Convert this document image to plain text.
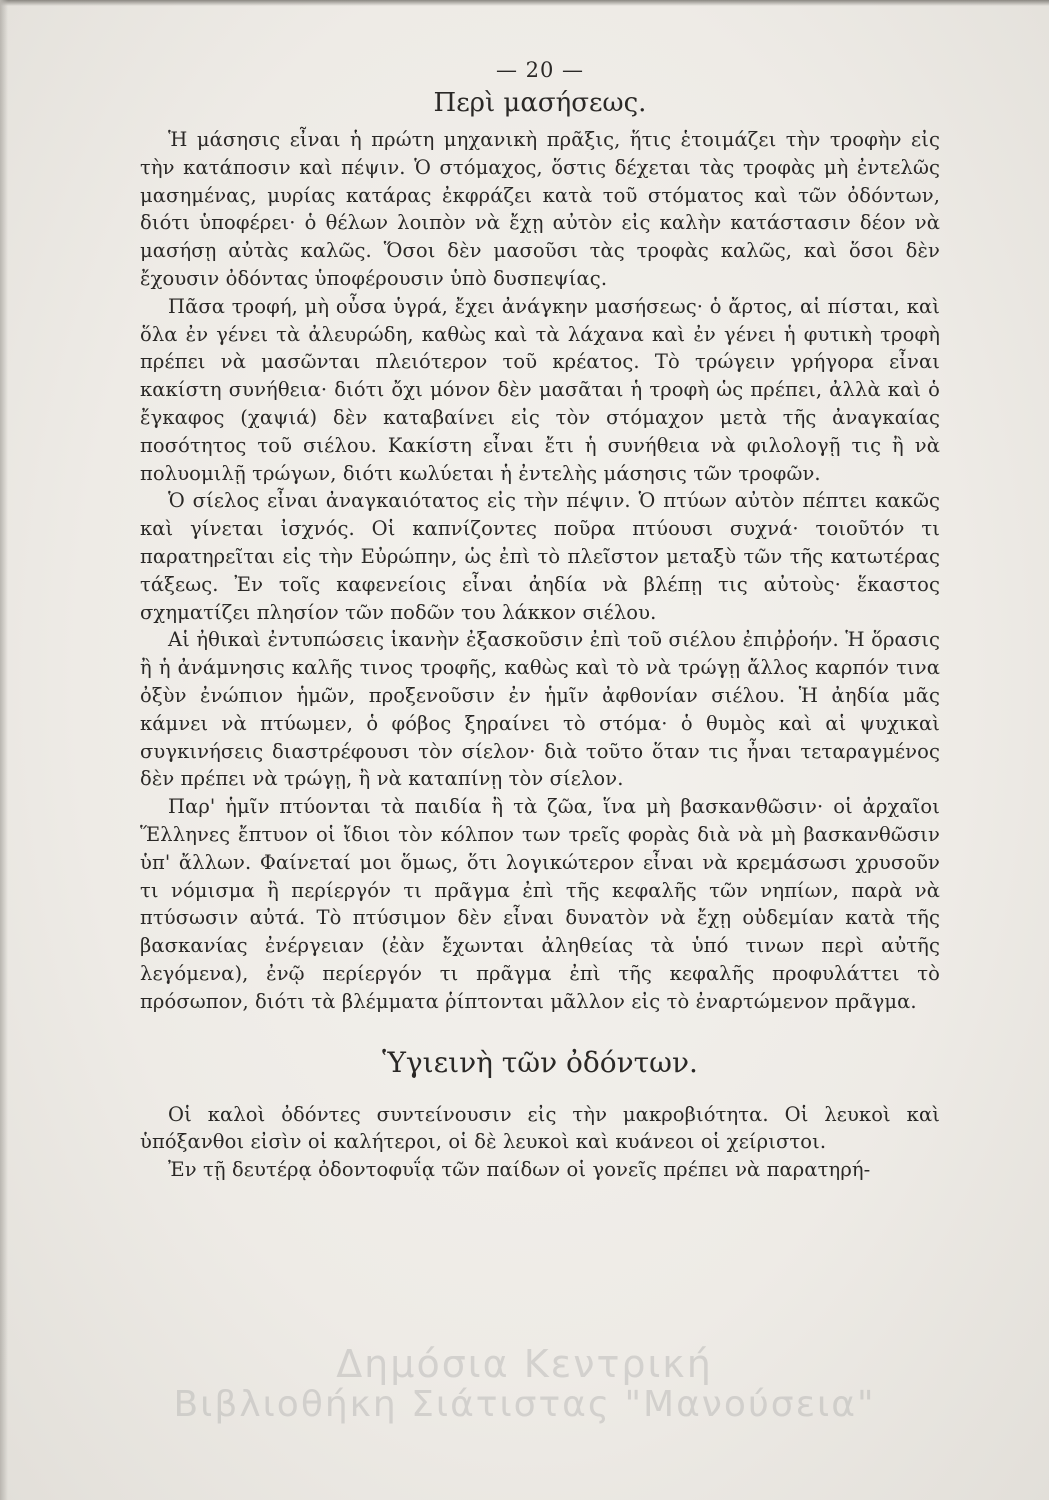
— 20 —
Περὶ μασήσεως.

Ἡ μάσησις εἶναι ἡ πρώτη μηχανικὴ πρᾶξις, ἥτις ἑτοιμάζει τὴν τροφὴν εἰς τὴν κατάποσιν καὶ πέψιν. Ὁ στόμαχος, ὅστις δέχεται τὰς τροφὰς μὴ ἐντελῶς μασημένας, μυρίας κατάρας ἐκφράζει κατὰ τοῦ στόματος καὶ τῶν ὀδόντων, διότι ὑποφέρει· ὁ θέλων λοιπὸν νὰ ἔχῃ αὐτὸν εἰς καλὴν κατάστασιν δέον νὰ μασήσῃ αὐτὰς καλῶς. Ὅσοι δὲν μασοῦσι τὰς τροφὰς καλῶς, καὶ ὅσοι δὲν ἔχουσιν ὀδόντας ὑποφέρουσιν ὑπὸ δυσπεψίας.

Πᾶσα τροφή, μὴ οὖσα ὑγρά, ἔχει ἀνάγκην μασήσεως· ὁ ἄρτος, αἱ πίσται, καὶ ὅλα ἐν γένει τὰ ἀλευρώδη, καθὼς καὶ τὰ λάχανα καὶ ἐν γένει ἡ φυτικὴ τροφὴ πρέπει νὰ μασῶνται πλειότερον τοῦ κρέατος. Τὸ τρώγειν γρήγορα εἶναι κακίστη συνήθεια· διότι ὄχι μόνον δὲν μασᾶται ἡ τροφὴ ὡς πρέπει, ἀλλὰ καὶ ὁ ἔγκαφος (χαψιά) δὲν καταβαίνει εἰς τὸν στόμαχον μετὰ τῆς ἀναγκαίας ποσότητος τοῦ σιέλου. Κακίστη εἶναι ἔτι ἡ συνήθεια νὰ φιλολογῇ τις ἢ νὰ πολυομιλῇ τρώγων, διότι κωλύεται ἡ ἐντελὴς μάσησις τῶν τροφῶν.

Ὁ σίελος εἶναι ἀναγκαιότατος εἰς τὴν πέψιν. Ὁ πτύων αὐτὸν πέπτει κακῶς καὶ γίνεται ἰσχνός. Οἱ καπνίζοντες ποῦρα πτύουσι συχνά· τοιοῦτόν τι παρατηρεῖται εἰς τὴν Εὐρώπην, ὡς ἐπὶ τὸ πλεῖστον μεταξὺ τῶν τῆς κατωτέρας τάξεως. Ἐν τοῖς καφενείοις εἶναι ἀηδία νὰ βλέπῃ τις αὐτοὺς· ἕκαστος σχηματίζει πλησίον τῶν ποδῶν του λάκκον σιέλου.

Αἱ ἠθικαὶ ἐντυπώσεις ἱκανὴν ἐξασκοῦσιν ἐπὶ τοῦ σιέλου ἐπιῤῥοήν. Ἡ ὅρασις ἢ ἡ ἀνάμνησις καλῆς τινος τροφῆς, καθὼς καὶ τὸ νὰ τρώγῃ ἄλλος καρπόν τινα ὀξὺν ἐνώπιον ἡμῶν, προξενοῦσιν ἐν ἡμῖν ἀφθονίαν σιέλου. Ἡ ἀηδία μᾶς κάμνει νὰ πτύωμεν, ὁ φόβος ξηραίνει τὸ στόμα· ὁ θυμὸς καὶ αἱ ψυχικαὶ συγκινήσεις διαστρέφουσι τὸν σίελον· διὰ τοῦτο ὅταν τις ἦναι τεταραγμένος δὲν πρέπει νὰ τρώγῃ, ἢ νὰ καταπίνῃ τὸν σίελον.

Παρ' ἡμῖν πτύονται τὰ παιδία ἢ τὰ ζῶα, ἵνα μὴ βασκανθῶσιν· οἱ ἀρχαῖοι Ἕλληνες ἔπτυον οἱ ἴδιοι τὸν κόλπον των τρεῖς φορὰς διὰ νὰ μὴ βασκανθῶσιν ὑπ' ἄλλων. Φαίνεταί μοι ὅμως, ὅτι λογικώτερον εἶναι νὰ κρεμάσωσι χρυσοῦν τι νόμισμα ἢ περίεργόν τι πρᾶγμα ἐπὶ τῆς κεφαλῆς τῶν νηπίων, παρὰ νὰ πτύσωσιν αὐτά. Τὸ πτύσιμον δὲν εἶναι δυνατὸν νὰ ἔχῃ οὐδεμίαν κατὰ τῆς βασκανίας ἐνέργειαν (ἐὰν ἔχωνται ἀληθείας τὰ ὑπό τινων περὶ αὐτῆς λεγόμενα), ἐνῷ περίεργόν τι πρᾶγμα ἐπὶ τῆς κεφαλῆς προφυλάττει τὸ πρόσωπον, διότι τὰ βλέμματα ῥίπτονται μᾶλλον εἰς τὸ ἐναρτώμενον πρᾶγμα.

Ὑγιεινὴ τῶν ὀδόντων.

Οἱ καλοὶ ὀδόντες συντείνουσιν εἰς τὴν μακροβιότητα. Οἱ λευκοὶ καὶ ὑπόξανθοι εἰσὶν οἱ καλήτεροι, οἱ δὲ λευκοὶ καὶ κυάνεοι οἱ χείριστοι.

Ἐν τῇ δευτέρᾳ ὀδοντοφυΐᾳ τῶν παίδων οἱ γονεῖς πρέπει νὰ παρατηρή-

Δημόσια Κεντρική
Βιβλιοθήκη Σιάτιστας "Μανούσεια"
